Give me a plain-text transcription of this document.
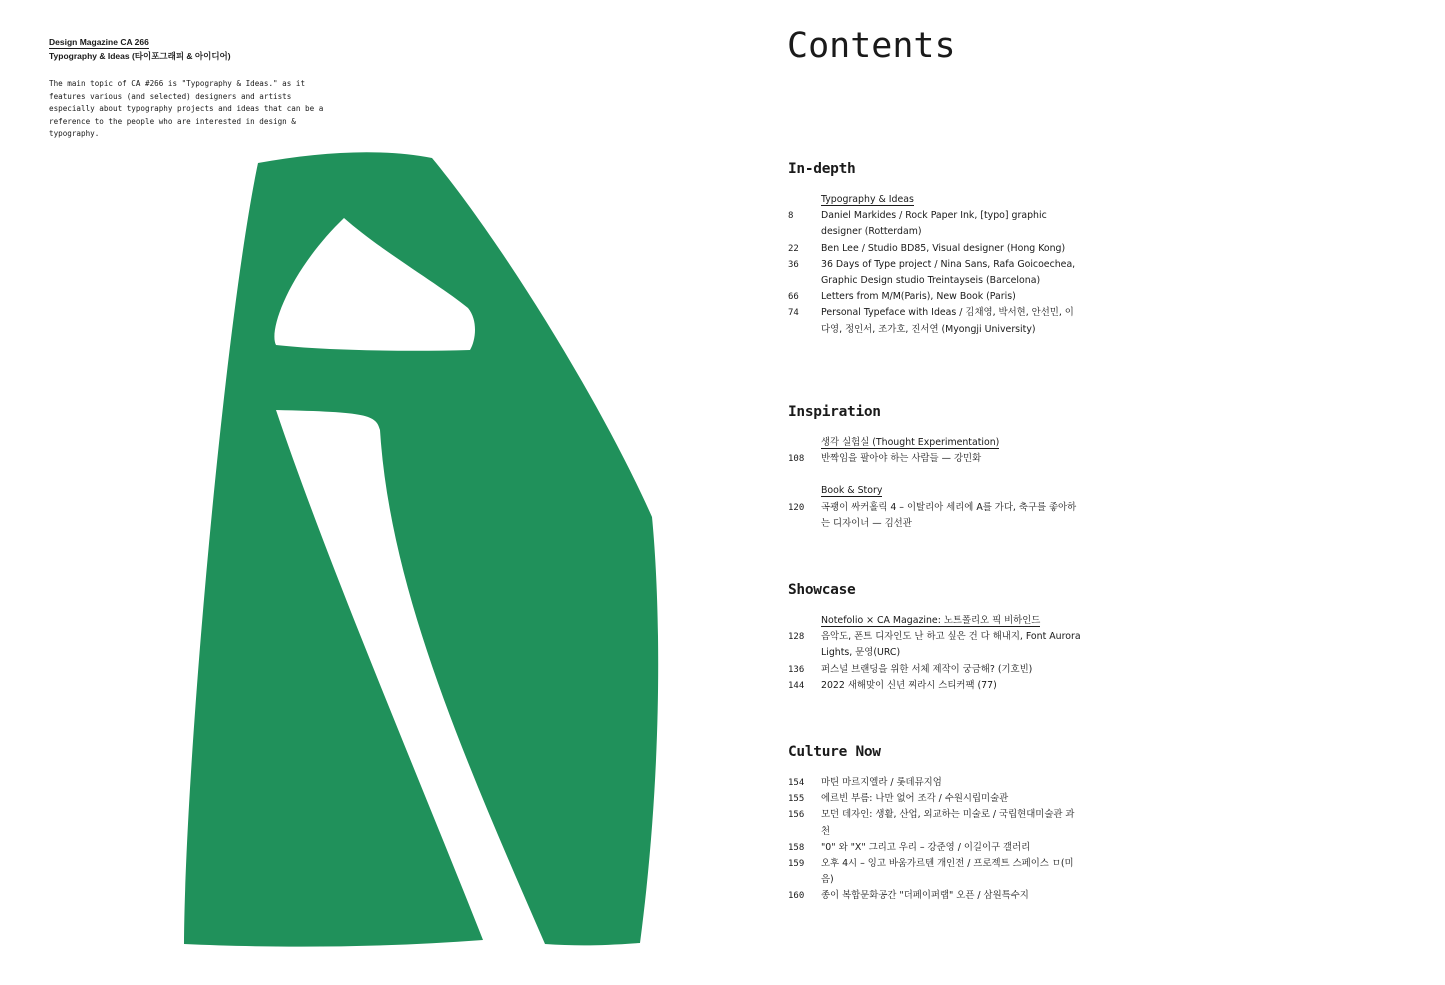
Design Magazine CA 266
Typography & Ideas (타이포그래피 & 아이디어)
The main topic of CA #266 is "Typography & Ideas." as it features various (and selected) designers and artists especially about typography projects and ideas that can be a reference to the people who are interested in design & typography.
Contents
In-depth
Typography & Ideas
8	Daniel Markides / Rock Paper Ink, [typo] graphic designer (Rotterdam)
22	Ben Lee / Studio BD85, Visual designer (Hong Kong)
36	36 Days of Type project / Nina Sans, Rafa Goicoechea, Graphic Design studio Treintayseis (Barcelona)
66	Letters from M/M(Paris), New Book (Paris)
74	Personal Typeface with Ideas / 김채영, 박서현, 안선민, 이다영, 정인서, 조가호, 진서연 (Myongji University)
Inspiration
생각 실험실 (Thought Experimentation)
108	반짝임을 팔아야 하는 사람들 — 강민화
Book & Story
120	곡괭이 싸커홀릭 4 – 이탈리아 세리에 A를 가다, 축구를 좋아하는 디자이너 — 김선관
Showcase
Notefolio × CA Magazine: 노트폴리오 픽 비하인드
128	음악도, 폰트 디자인도 난 하고 싶은 건 다 해내지, Font Aurora Lights, 문영(URC)
136	퍼스널 브랜딩을 위한 서체 제작이 궁금해? (기호빈)
144	2022 새해맞이 신년 찌라시 스티커팩 (77)
Culture Now
154	마틴 마르지엘라 / 롯데뮤지엄
155	에르빈 부름: 나만 없어 조각 / 수원시립미술관
156	모던 데자인: 생활, 산업, 외교하는 미술로 / 국립현대미술관 과천
158	"0" 와 "X" 그리고 우리 – 강준영 / 이길이구 갤러리
159	오후 4시 – 잉고 바움가르텐 개인전 / 프로젝트 스페이스 ㅁ(미음)
160	종이 복합문화공간 "더페이퍼랩" 오픈 / 삼원특수지
